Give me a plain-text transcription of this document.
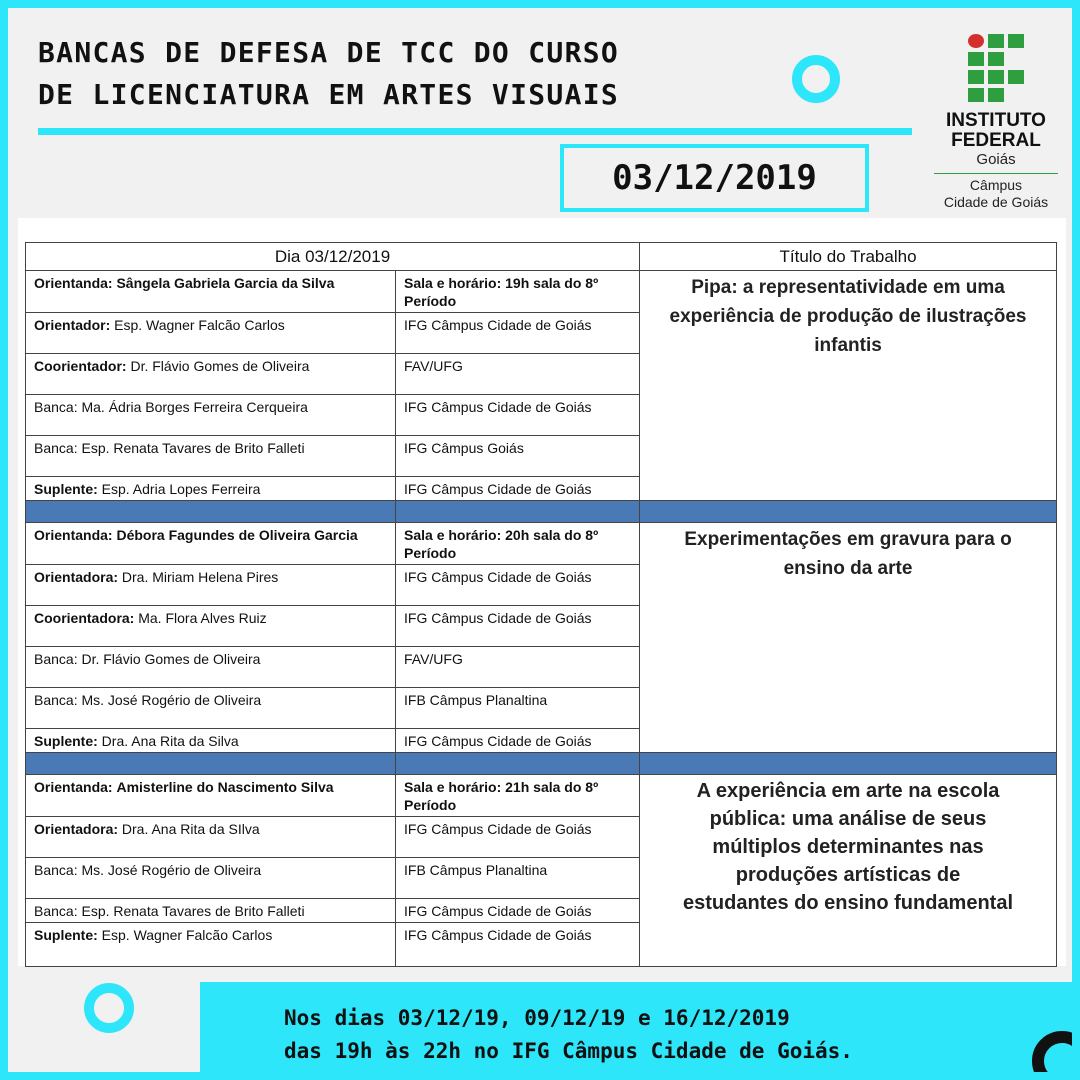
BANCAS DE DEFESA DE TCC DO CURSO
DE LICENCIATURA EM ARTES VISUAIS
03/12/2019
INSTITUTO
FEDERAL
Goiás
Câmpus
Cidade de Goiás
Dia 03/12/2019		Título do Trabalho
Orientanda: Sângela Gabriela Garcia da Silva	Sala e horário: 19h sala do 8º Período	Pipa: a representatividade em uma
experiência de produção de ilustrações
infantis

Orientador: Esp. Wagner Falcão Carlos	IFG Câmpus Cidade de Goiás	
Coorientador: Dr. Flávio Gomes de Oliveira	FAV/UFG	
Banca: Ma. Ádria Borges Ferreira Cerqueira	IFG Câmpus Cidade de Goiás	
Banca: Esp. Renata Tavares de Brito Falleti	IFG Câmpus Goiás	
Suplente: Esp. Adria Lopes Ferreira	IFG Câmpus Cidade de Goiás	

Orientanda: Débora Fagundes de Oliveira Garcia	Sala e horário: 20h sala do 8º Período	Experimentações em gravura para o
ensino da arte

Orientadora: Dra. Miriam Helena Pires	IFG Câmpus Cidade de Goiás	
Coorientadora: Ma. Flora Alves Ruiz	IFG Câmpus Cidade de Goiás	
Banca: Dr. Flávio Gomes de Oliveira	FAV/UFG	
Banca: Ms. José Rogério de Oliveira	IFB Câmpus Planaltina	
Suplente: Dra. Ana Rita da Silva	IFG Câmpus Cidade de Goiás	

Orientanda: Amisterline do Nascimento Silva	Sala e horário: 21h sala do 8º Período	A experiência em arte na escola
pública: uma análise de seus
múltiplos determinantes nas
produções artísticas de
estudantes do ensino fundamental

Orientadora: Dra. Ana Rita da SIlva	IFG Câmpus Cidade de Goiás	
Banca: Ms. José Rogério de Oliveira	IFB Câmpus Planaltina	
Banca: Esp. Renata Tavares de Brito Falleti	IFG Câmpus Cidade de Goiás	
Suplente: Esp. Wagner Falcão Carlos	IFG Câmpus Cidade de Goiás	

Nos dias 03/12/19, 09/12/19 e 16/12/2019
das 19h às 22h no IFG Câmpus Cidade de Goiás.
